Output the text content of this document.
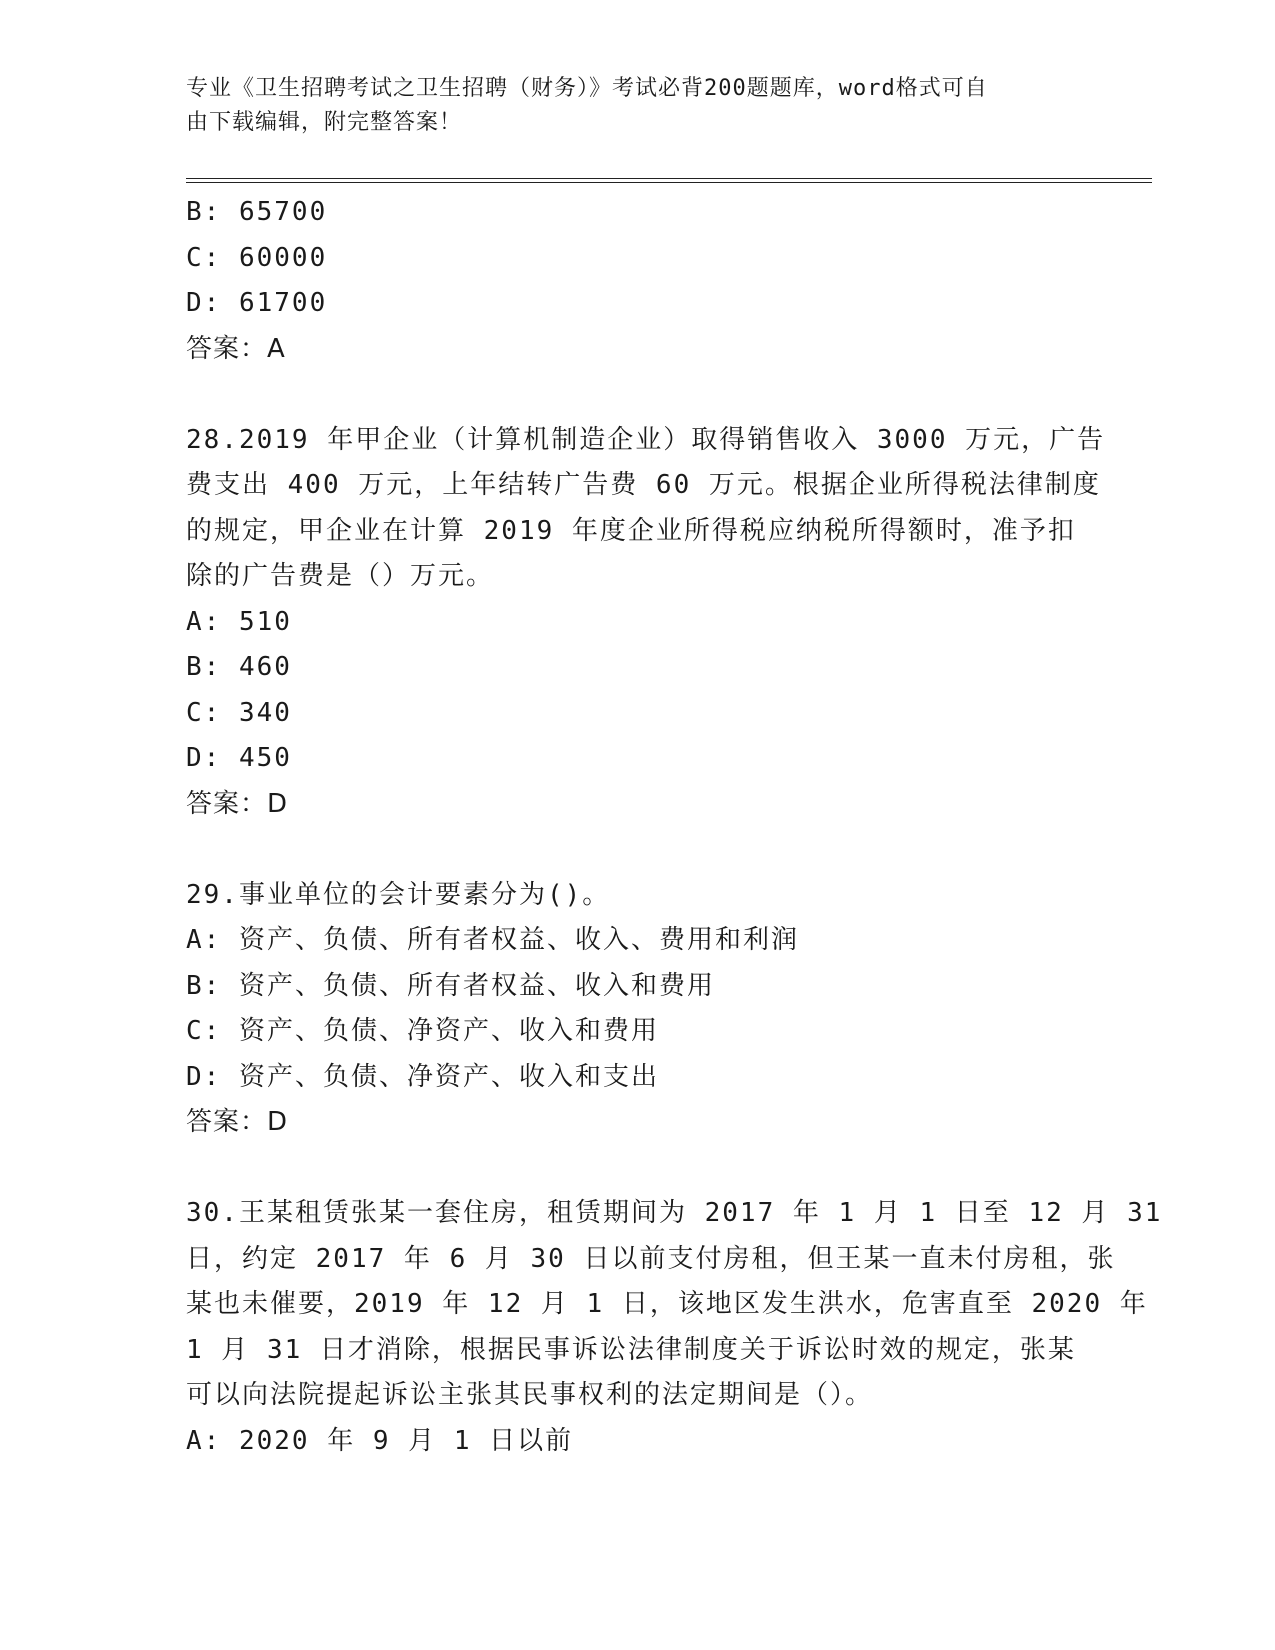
专业《卫生招聘考试之卫生招聘（财务）》考试必背200题题库，word格式可自
由下载编辑，附完整答案！
B: 65700
C: 60000
D: 61700
答案：A
28.2019 年甲企业（计算机制造企业）取得销售收入 3000 万元，广告
费支出 400 万元，上年结转广告费 60 万元。根据企业所得税法律制度
的规定，甲企业在计算 2019 年度企业所得税应纳税所得额时，准予扣
除的广告费是（）万元。
A: 510
B: 460
C: 340
D: 450
答案：D
29.事业单位的会计要素分为()。
A: 资产、负债、所有者权益、收入、费用和利润
B: 资产、负债、所有者权益、收入和费用
C: 资产、负债、净资产、收入和费用
D: 资产、负债、净资产、收入和支出
答案：D
30.王某租赁张某一套住房，租赁期间为 2017 年 1 月 1 日至 12 月 31
日，约定 2017 年 6 月 30 日以前支付房租，但王某一直未付房租，张
某也未催要，2019 年 12 月 1 日，该地区发生洪水，危害直至 2020 年
1 月 31 日才消除，根据民事诉讼法律制度关于诉讼时效的规定，张某
可以向法院提起诉讼主张其民事权利的法定期间是（）。
A: 2020 年 9 月 1 日以前
